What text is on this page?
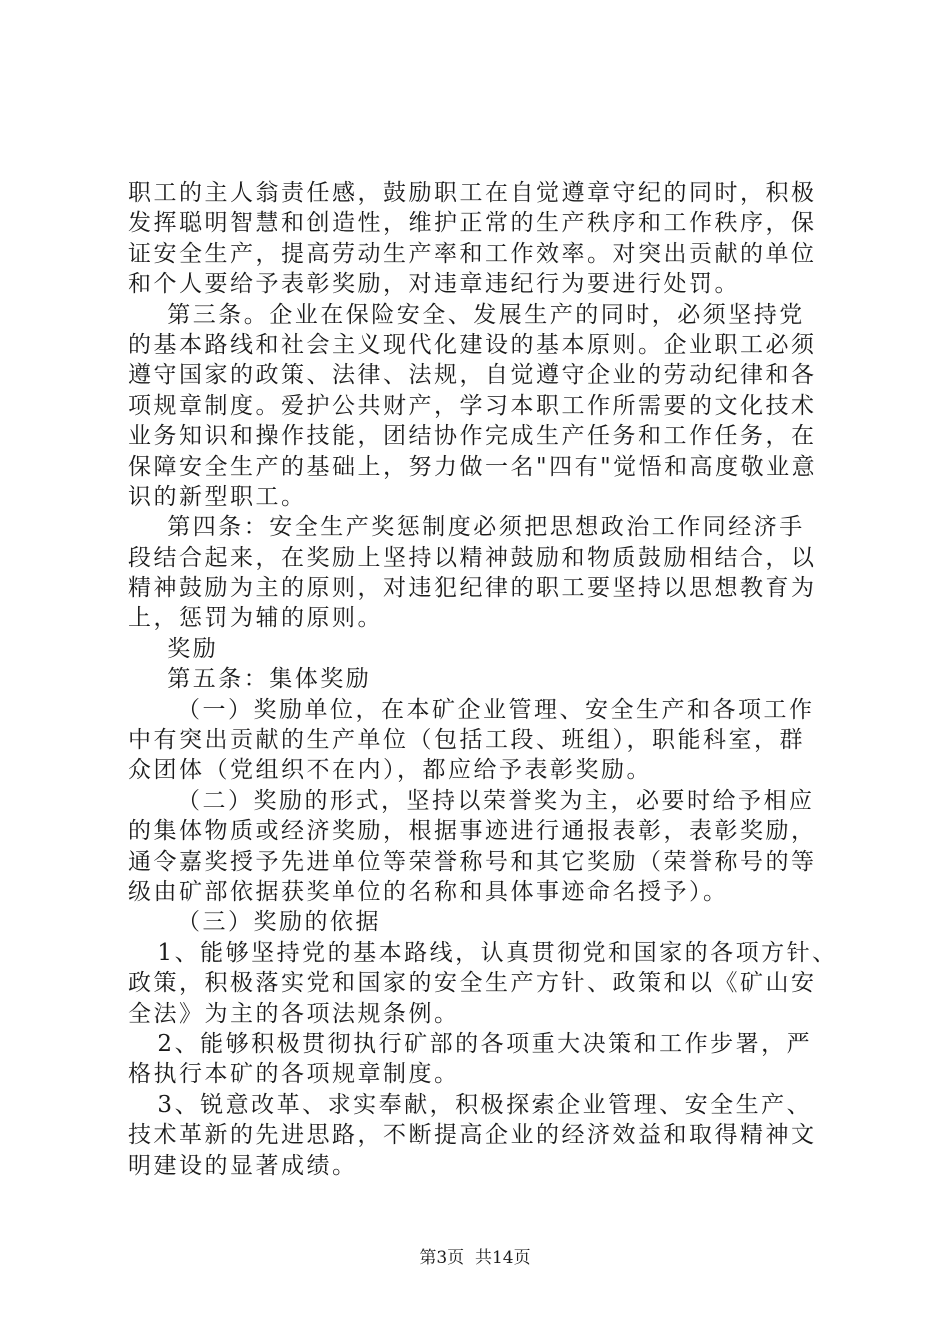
职工的主人翁责任感，鼓励职工在自觉遵章守纪的同时，积极
发挥聪明智慧和创造性，维护正常的生产秩序和工作秩序，保
证安全生产，提高劳动生产率和工作效率。对突出贡献的单位
和个人要给予表彰奖励，对违章违纪行为要进行处罚。
第三条。企业在保险安全、发展生产的同时，必须坚持党
的基本路线和社会主义现代化建设的基本原则。企业职工必须
遵守国家的政策、法律、法规，自觉遵守企业的劳动纪律和各
项规章制度。爱护公共财产，学习本职工作所需要的文化技术
业务知识和操作技能，团结协作完成生产任务和工作任务，在
保障安全生产的基础上，努力做一名"四有"觉悟和高度敬业意
识的新型职工。
第四条：安全生产奖惩制度必须把思想政治工作同经济手
段结合起来，在奖励上坚持以精神鼓励和物质鼓励相结合，以
精神鼓励为主的原则，对违犯纪律的职工要坚持以思想教育为
上，惩罚为辅的原则。
奖励
第五条：集体奖励
（一）奖励单位，在本矿企业管理、安全生产和各项工作
中有突出贡献的生产单位（包括工段、班组），职能科室，群
众团体（党组织不在内），都应给予表彰奖励。
（二）奖励的形式，坚持以荣誉奖为主，必要时给予相应
的集体物质或经济奖励，根据事迹进行通报表彰，表彰奖励，
通令嘉奖授予先进单位等荣誉称号和其它奖励（荣誉称号的等
级由矿部依据获奖单位的名称和具体事迹命名授予）。
（三）奖励的依据
1、能够坚持党的基本路线，认真贯彻党和国家的各项方针、
政策，积极落实党和国家的安全生产方针、政策和以《矿山安
全法》为主的各项法规条例。
2、能够积极贯彻执行矿部的各项重大决策和工作步署，严
格执行本矿的各项规章制度。
3、锐意改革、求实奉献，积极探索企业管理、安全生产、
技术革新的先进思路，不断提高企业的经济效益和取得精神文
明建设的显著成绩。
第3页  共14页
